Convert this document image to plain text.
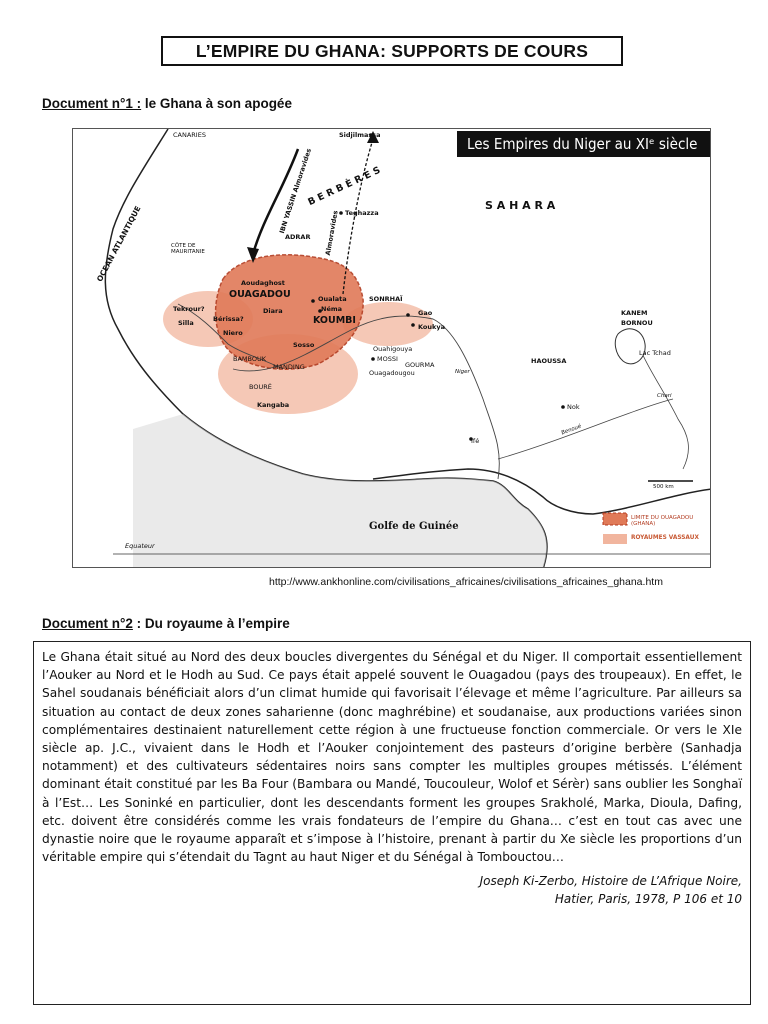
L’EMPIRE DU GHANA: SUPPORTS DE COURS
Document n°1 : le Ghana à son apogée
Les Empires du Niger au XIᵉ siècle
CANARIES	Sidjilmassa
B E R B È R E S
IBN YASSIN Almoravides Almoravides Teghazza
ADRAR
S A H A R A
OCEAN ATLANTIQUE	CÔTE DE MAURITANIE
Aoudaghost
OUAGADOU
Diara
KOUMBI
Oualata
Néma
SONRHAÏ
Gao
Koukya
Tekrour?
Silla	Bérissa?
Niero
Sosso
BAMBOUK
MANDING
BOURÉ
Kangaba
Ouahigouya
MOSSI
GOURMA
Ouagadougou
KANEM
BORNOU
Lac Tchad
HAOUSSA
Nok
Ifé
Golfe de Guinée
Equateur
500 km
Niger
Benoué
Chari
LIMITE DU OUAGADOU (GHANA)
ROYAUMES VASSAUX
http://www.ankhonline.com/civilisations_africaines/civilisations_africaines_ghana.htm
Document n°2 : Du royaume à l’empire

Le Ghana était situé au Nord des deux boucles divergentes du Sénégal et du Niger. Il comportait essentiellement l’Aouker au Nord et le Hodh au Sud. Ce pays était appelé souvent le Ouagadou (pays des troupeaux). En effet, le Sahel soudanais bénéficiait alors d’un climat humide qui favorisait l’élevage et même l’agriculture. Par ailleurs sa situation au contact de deux zones saharienne (donc maghrébine) et soudanaise, aux productions variées sinon complémentaires destinaient naturellement cette région à une fructueuse fonction commerciale. Or vers le XIe siècle ap. J.C., vivaient dans le Hodh et l’Aouker conjointement des pasteurs d’origine berbère (Sanhadja notamment) et des cultivateurs sédentaires noirs sans compter les multiples groupes métissés. L’élément dominant était constitué par les Ba Four (Bambara ou Mandé, Toucouleur, Wolof et Sérèr) sans oublier les Songhaï à l’Est… Les Soninké en particulier, dont les descendants forment les groupes Srakholé, Marka, Dioula, Dafing, etc. doivent être considérés comme les vrais fondateurs de l’empire du Ghana… c’est en tout cas avec une dynastie noire que le royaume apparaît et s’impose à l’histoire, prenant à partir du Xe siècle les proportions d’un véritable empire qui s’étendait du Tagnt au haut Niger et du Sénégal à Tombouctou…

Joseph Ki-Zerbo, Histoire de L’Afrique Noire,
Hatier, Paris, 1978, P 106 et 10
